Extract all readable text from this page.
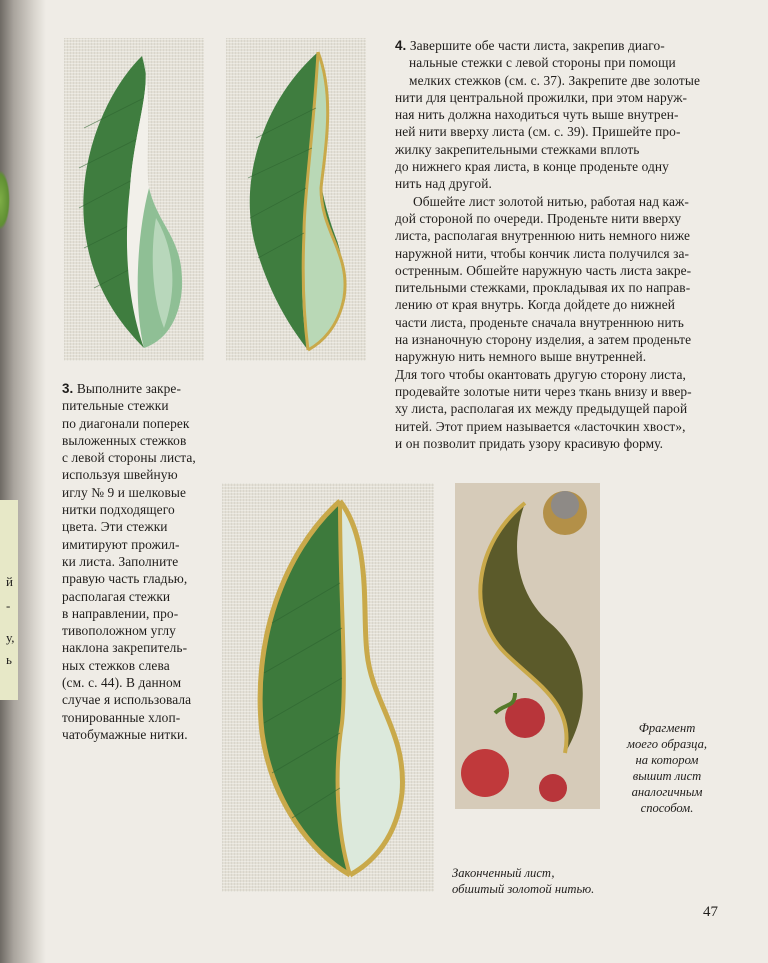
й
-
у,
ь

4. Завершите обе части листа, закрепив диаго-

нальные стежки с левой стороны при помощи

мелких стежков (см. с. 37). Закрепите две золотые

нити для центральной прожилки, при этом наруж-

ная нить должна находиться чуть выше внутрен-

ней нити вверху листа (см. с. 39). Пришейте про-

жилку закрепительными стежками вплоть

до нижнего края листа, в конце проденьте одну

нить над другой.

Обшейте лист золотой нитью, работая над каж-

дой стороной по очереди. Проденьте нити вверху

листа, располагая внутреннюю нить немного ниже

наружной нити, чтобы кончик листа получился за-

остренным. Обшейте наружную часть листа закре-

пительными стежками, прокладывая их по направ-

лению от края внутрь. Когда дойдете до нижней

части листа, проденьте сначала внутреннюю нить

на изнаночную сторону изделия, а затем проденьте

наружную нить немного выше внутренней.

Для того чтобы окантовать другую сторону листа,

продевайте золотые нити через ткань внизу и ввер-

ху листа, располагая их между предыдущей парой

нитей. Этот прием называется «ласточкин хвост»,

и он позволит придать узору красивую форму.

3. Выполните закре-

пительные стежки

по диагонали поперек

выложенных стежков

с левой стороны листа,

используя швейную

иглу № 9 и шелковые

нитки подходящего

цвета. Эти стежки

имитируют прожил-

ки листа. Заполните

правую часть гладью,

располагая стежки

в направлении, про-

тивоположном углу

наклона закрепитель-

ных стежков слева

(см. с. 44). В данном

случае я использовала

тонированные хлоп-

чатобумажные нитки.	Фрагмент
моего образца,
на котором
вышит лист
аналогичным
способом.
Законченный лист,
обшитый золотой нитью.
47
